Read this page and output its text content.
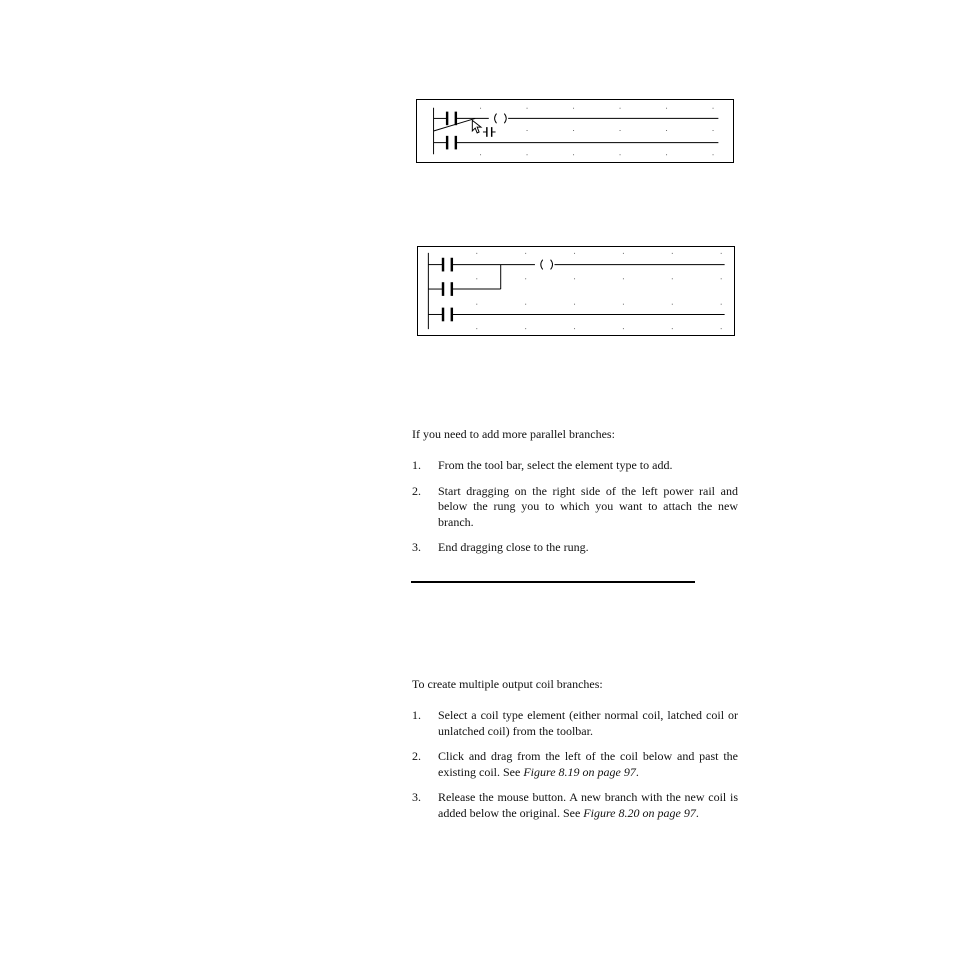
If you need to add more parallel branches:

1. From the tool bar, select the element type to add.
2. Start dragging on the right side of the left power rail and below the rung you to which you want to attach the new branch.
3. End dragging close to the rung.

To create multiple output coil branches:

1. Select a coil type element (either normal coil, latched coil or unlatched coil) from the toolbar.
2. Click and drag from the left of the coil below and past the existing coil. See Figure 8.19 on page 97.
3. Release the mouse button. A new branch with the new coil is added below the original. See Figure 8.20 on page 97.
